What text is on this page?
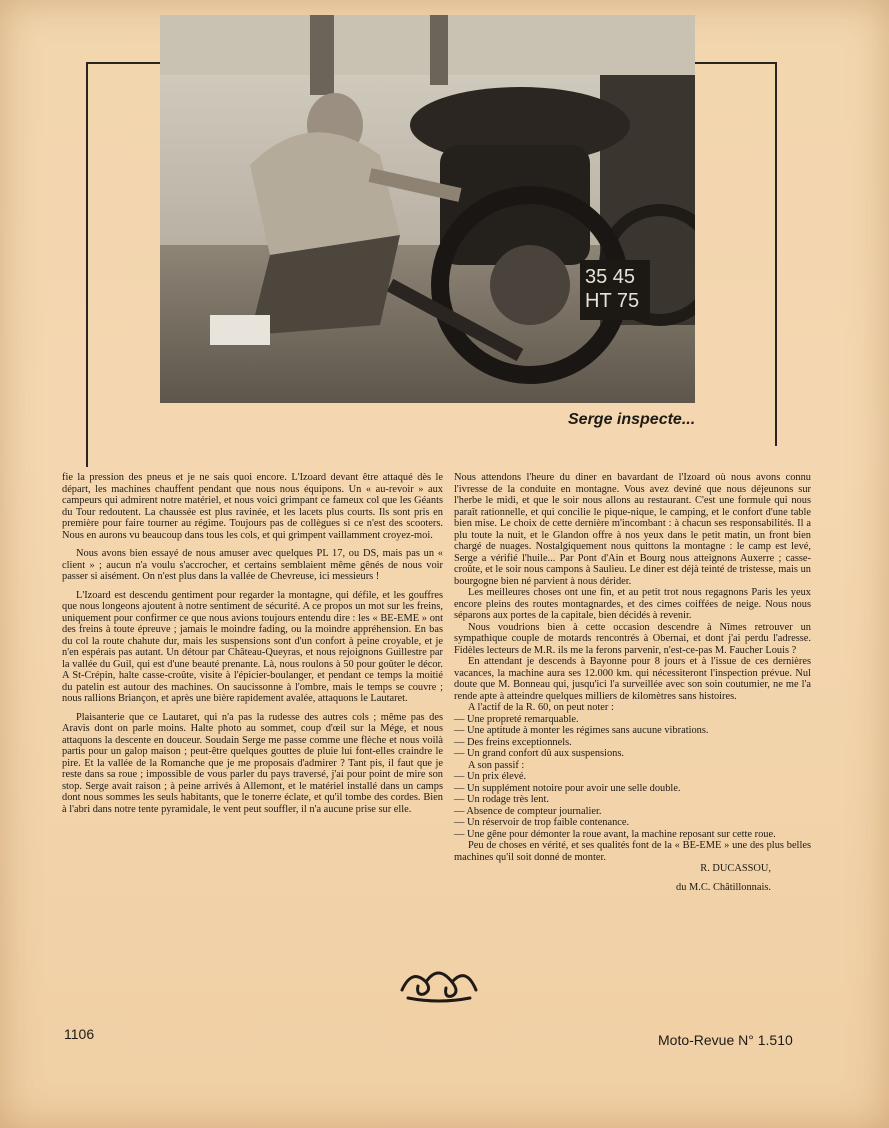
35 45
HT 75
Serge inspecte...

fie la pression des pneus et je ne sais quoi encore. L'Izoard devant être attaqué dès le départ, les machines chauffent pendant que nous nous équipons. Un « au-revoir » aux campeurs qui admirent notre matériel, et nous voici grimpant ce fameux col que les Géants du Tour redoutent. La chaussée est plus ravinée, et les lacets plus courts. Ils sont pris en première pour faire tourner au régime. Toujours pas de collègues si ce n'est des scooters. Nous en aurons vu beaucoup dans tous les cols, et qui grimpent vaillamment croyez-moi.

Nous avons bien essayé de nous amuser avec quelques PL 17, ou DS, mais pas un « client » ; aucun n'a voulu s'accrocher, et certains semblaient même gênés de nous voir passer si aisément. On n'est plus dans la vallée de Chevreuse, ici messieurs !

L'Izoard est descendu gentiment pour regarder la montagne, qui défile, et les gouffres que nous longeons ajoutent à notre sentiment de sécurité. A ce propos un mot sur les freins, uniquement pour confirmer ce que nous avions toujours entendu dire : les « BE-EME » ont des freins à toute épreuve ; jamais le moindre fading, ou la moindre appréhension. En bas du col la route chahute dur, mais les suspensions sont d'un confort à peine croyable, et je n'en espérais pas autant. Un détour par Château-Queyras, et nous rejoignons Guillestre par la vallée du Guil, qui est d'une beauté prenante. Là, nous roulons à 50 pour goûter le décor. A St-Crépin, halte casse-croûte, visite à l'épicier-boulanger, et pendant ce temps la moitié du patelin est autour des machines. On saucissonne à l'ombre, mais le temps se couvre ; nous rallions Briançon, et après une bière rapidement avalée, attaquons le Lautaret.

Plaisanterie que ce Lautaret, qui n'a pas la rudesse des autres cols ; même pas des Aravis dont on parle moins. Halte photo au sommet, coup d'œil sur la Mége, et nous attaquons la descente en douceur. Soudain Serge me passe comme une flèche et nous voilà partis pour un galop maison ; peut-être quelques gouttes de pluie lui font-elles craindre le pire. Et la vallée de la Romanche que je me proposais d'admirer ? Tant pis, il faut que je reste dans sa roue ; impossible de vous parler du pays traversé, j'ai pour point de mire son stop. Serge avait raison ; à peine arrivés à Allemont, et le matériel installé dans un camps dont nous sommes les seuls habitants, que le tonerre éclate, et qu'il tombe des cordes. Bien à l'abri dans notre tente pyramidale, le vent peut souffler, il n'a aucune prise sur elle.

Nous attendons l'heure du diner en bavardant de l'Izoard où nous avons connu l'ivresse de la conduite en montagne. Vous avez deviné que nous déjeunons sur l'herbe le midi, et que le soir nous allons au restaurant. C'est une formule qui nous paraît rationnelle, et qui concilie le pique-nique, le camping, et le confort d'une table bien mise. Le choix de cette dernière m'incombant : à chacun ses responsabilités. Il a plu toute la nuit, et le Glandon offre à nos yeux dans le petit matin, un front bien chargé de nuages. Nostalgiquement nous quittons la montagne : le camp est levé, Serge a vérifié l'huile... Par Pont d'Ain et Bourg nous atteignons Auxerre ; casse-croûte, et le soir nous campons à Saulieu. Le diner est déjà teinté de tristesse, mais un bourgogne bien né parvient à nous dérider.

Les meilleures choses ont une fin, et au petit trot nous regagnons Paris les yeux encore pleins des routes montagnardes, et des cimes coiffées de neige. Nous nous séparons aux portes de la capitale, bien décidés à revenir.

Nous voudrions bien à cette occasion descendre à Nîmes retrouver un sympathique couple de motards rencontrés à Obernai, et dont j'ai perdu l'adresse. Fidèles lecteurs de M.R. ils me la ferons parvenir, n'est-ce-pas M. Faucher Louis ?

En attendant je descends à Bayonne pour 8 jours et à l'issue de ces dernières vacances, la machine aura ses 12.000 km. qui nécessiteront l'inspection prévue. Nul doute que M. Bonneau qui, jusqu'ici l'a surveillée avec son soin coutumier, ne me l'a rende apte à atteindre quelques milliers de kilomètres sans histoires.

A l'actif de la R. 60, on peut noter :

— Une propreté remarquable.

— Une aptitude à monter les régimes sans aucune vibrations.

— Des freins exceptionnels.

— Un grand confort dû aux suspensions.

A son passif :

— Un prix élevé.

— Un supplément notoire pour avoir une selle double.

— Un rodage très lent.

— Absence de compteur journalier.

— Un réservoir de trop faible contenance.

— Une gêne pour démonter la roue avant, la machine reposant sur cette roue.

Peu de choses en vérité, et ses qualités font de la « BE-EME » une des plus belles machines qu'il soit donné de monter.

R. DUCASSOU,

du M.C. Châtillonnais.

1106	Moto-Revue N° 1.510
